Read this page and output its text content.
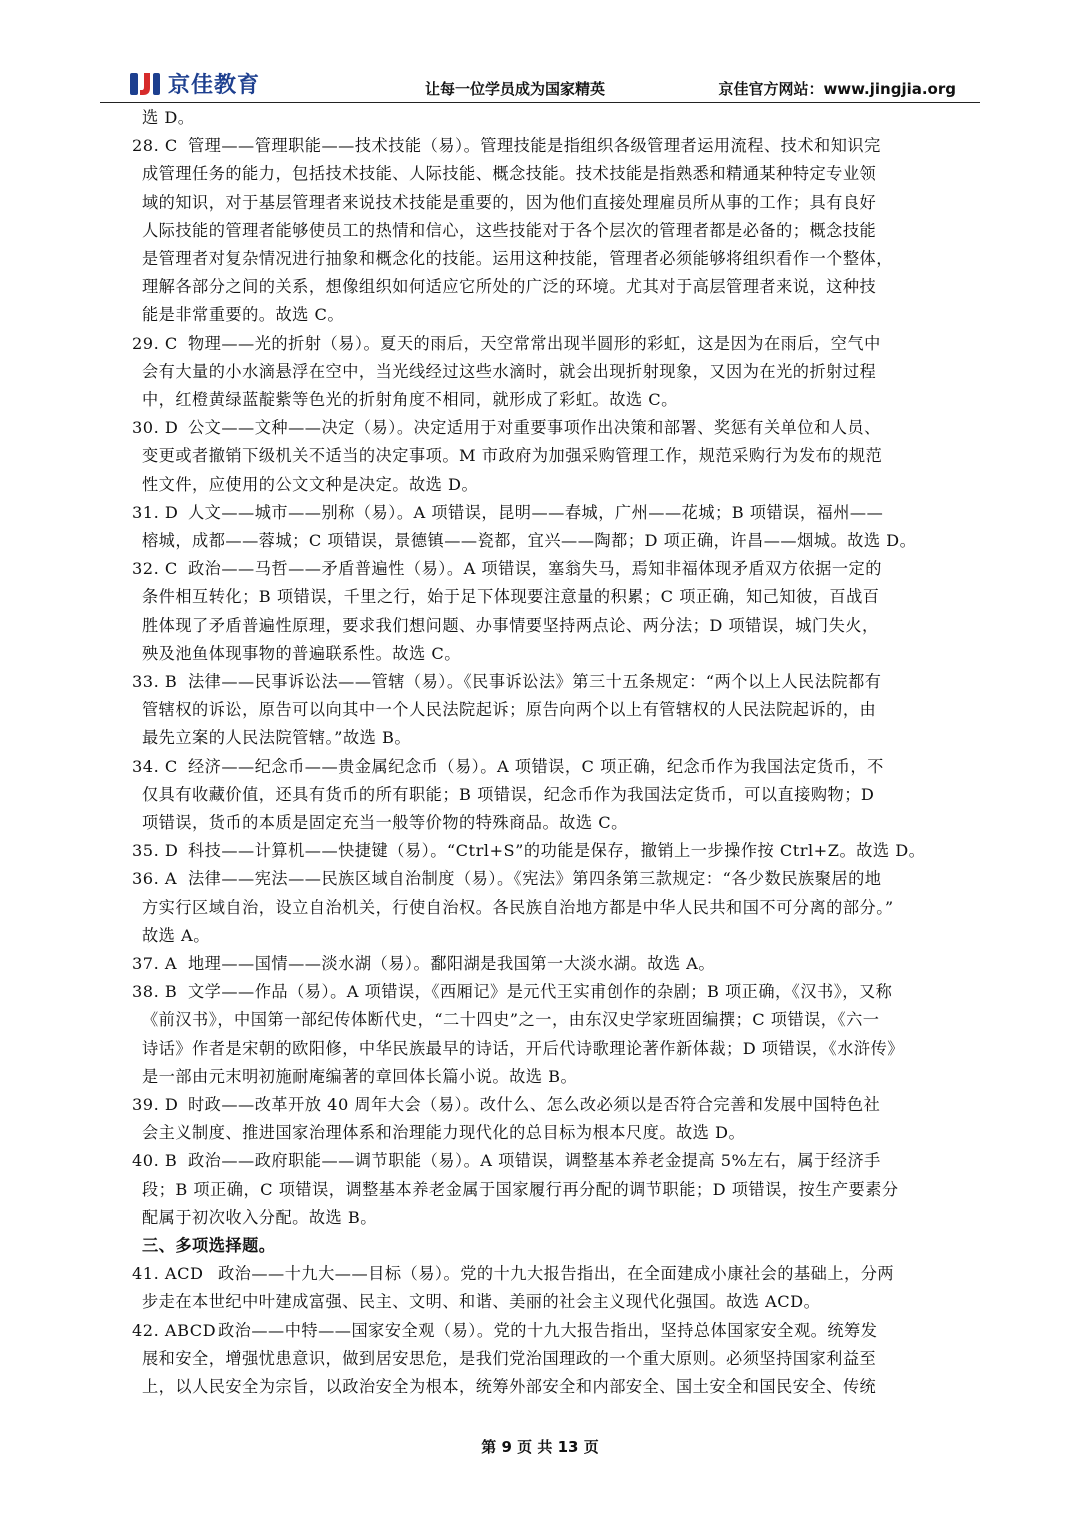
京佳教育	让每一位学员成为国家精英	京佳官方网站：www.jingjia.org
选 D。
28. C 管理——管理职能——技术技能（易）。管理技能是指组织各级管理者运用流程、技术和知识完
成管理任务的能力，包括技术技能、人际技能、概念技能。技术技能是指熟悉和精通某种特定专业领
域的知识，对于基层管理者来说技术技能是重要的，因为他们直接处理雇员所从事的工作；具有良好
人际技能的管理者能够使员工的热情和信心，这些技能对于各个层次的管理者都是必备的；概念技能
是管理者对复杂情况进行抽象和概念化的技能。运用这种技能，管理者必须能够将组织看作一个整体，
理解各部分之间的关系，想像组织如何适应它所处的广泛的环境。尤其对于高层管理者来说，这种技
能是非常重要的。故选 C。
29. C 物理——光的折射（易）。夏天的雨后，天空常常出现半圆形的彩虹，这是因为在雨后，空气中
会有大量的小水滴悬浮在空中，当光线经过这些水滴时，就会出现折射现象，又因为在光的折射过程
中，红橙黄绿蓝靛紫等色光的折射角度不相同，就形成了彩虹。故选 C。
30. D 公文——文种——决定（易）。决定适用于对重要事项作出决策和部署、奖惩有关单位和人员、
变更或者撤销下级机关不适当的决定事项。M 市政府为加强采购管理工作，规范采购行为发布的规范
性文件，应使用的公文文种是决定。故选 D。
31. D 人文——城市——别称（易）。A 项错误，昆明——春城，广州——花城；B 项错误，福州——
榕城，成都——蓉城；C 项错误，景德镇——瓷都，宜兴——陶都；D 项正确，许昌——烟城。故选 D。
32. C 政治——马哲——矛盾普遍性（易）。A 项错误，塞翁失马，焉知非福体现矛盾双方依据一定的
条件相互转化；B 项错误，千里之行，始于足下体现要注意量的积累；C 项正确，知己知彼，百战百
胜体现了矛盾普遍性原理，要求我们想问题、办事情要坚持两点论、两分法；D 项错误，城门失火，
殃及池鱼体现事物的普遍联系性。故选 C。
33. B 法律——民事诉讼法——管辖（易）。《民事诉讼法》第三十五条规定：“两个以上人民法院都有
管辖权的诉讼，原告可以向其中一个人民法院起诉；原告向两个以上有管辖权的人民法院起诉的，由
最先立案的人民法院管辖。”故选 B。
34. C 经济——纪念币——贵金属纪念币（易）。A 项错误，C 项正确，纪念币作为我国法定货币，不
仅具有收藏价值，还具有货币的所有职能；B 项错误，纪念币作为我国法定货币，可以直接购物；D
项错误，货币的本质是固定充当一般等价物的特殊商品。故选 C。
35. D 科技——计算机——快捷键（易）。“Ctrl+S”的功能是保存，撤销上一步操作按 Ctrl+Z。故选 D。
36. A 法律——宪法——民族区域自治制度（易）。《宪法》第四条第三款规定：“各少数民族聚居的地
方实行区域自治，设立自治机关，行使自治权。各民族自治地方都是中华人民共和国不可分离的部分。”
故选 A。
37. A 地理——国情——淡水湖（易）。鄱阳湖是我国第一大淡水湖。故选 A。
38. B 文学——作品（易）。A 项错误，《西厢记》是元代王实甫创作的杂剧；B 项正确，《汉书》，又称
《前汉书》，中国第一部纪传体断代史，“二十四史”之一，由东汉史学家班固编撰；C 项错误，《六一
诗话》作者是宋朝的欧阳修，中华民族最早的诗话，开后代诗歌理论著作新体裁；D 项错误，《水浒传》
是一部由元末明初施耐庵编著的章回体长篇小说。故选 B。
39. D 时政——改革开放 40 周年大会（易）。改什么、怎么改必须以是否符合完善和发展中国特色社
会主义制度、推进国家治理体系和治理能力现代化的总目标为根本尺度。故选 D。
40. B 政治——政府职能——调节职能（易）。A 项错误，调整基本养老金提高 5%左右，属于经济手
段；B 项正确，C 项错误，调整基本养老金属于国家履行再分配的调节职能；D 项错误，按生产要素分
配属于初次收入分配。故选 B。
三、多项选择题。
41. ACD 政治——十九大——目标（易）。党的十九大报告指出，在全面建成小康社会的基础上，分两
步走在本世纪中叶建成富强、民主、文明、和谐、美丽的社会主义现代化强国。故选 ACD。
42. ABCD 政治——中特——国家安全观（易）。党的十九大报告指出，坚持总体国家安全观。统筹发
展和安全，增强忧患意识，做到居安思危，是我们党治国理政的一个重大原则。必须坚持国家利益至
上，以人民安全为宗旨，以政治安全为根本，统筹外部安全和内部安全、国土安全和国民安全、传统
第 9 页 共 13 页
